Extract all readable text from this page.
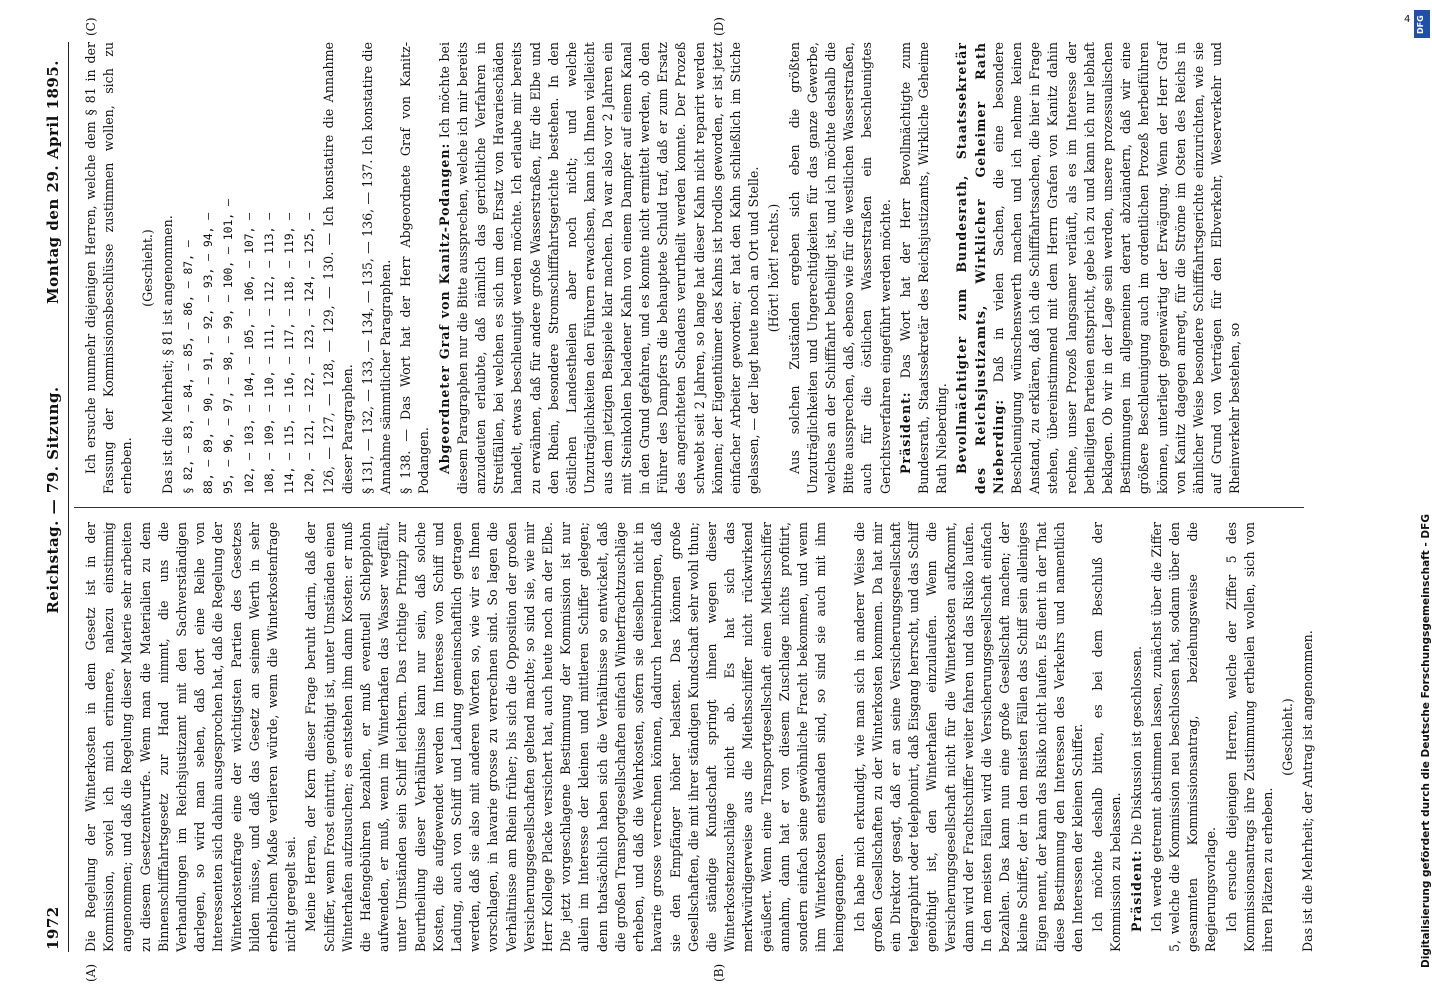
1972
Reichstag. — 79. Sitzung.
Montag den 29. April 1895.
(A)	(B)
(C)	(D)

Die Regelung der Winterkosten in dem Gesetz ist in der Kommission, soviel ich mich erinnere, nahezu einstimmig angenommen; und daß die Regelung dieser Materie sehr arbeiten zu diesem Gesetzentwurfe. Wenn man die Materialien zu dem Binnenschifffahrtsgesetz zur Hand nimmt, die uns die Verhandlungen im Reichsjustizamt mit den Sachverständigen darlegen, so wird man sehen, daß dort eine Reihe von Interessenten sich dahin ausgesprochen hat, daß die Regelung der Winterkostenfrage eine der wichtigsten Partien des Gesetzes bilden müsse, und daß das Gesetz an seinem Werth in sehr erheblichem Maße verlieren würde, wenn die Winterkostenfrage nicht geregelt sei. Meine Herren, der Kern dieser Frage beruht darin, daß der Schiffer, wenn Frost eintritt, genöthigt ist, unter Umständen einen Winterhafen aufzusuchen; es entstehen ihm dann Kosten: er muß die Hafengebühren bezahlen, er muß eventuell Schlepplohn aufwenden, er muß, wenn im Winterhafen das Wasser wegfällt, unter Umständen sein Schiff leichtern. Das richtige Prinzip zur Beurtheilung dieser Verhältnisse kann nur sein, daß solche Kosten, die aufgewendet werden im Interesse von Schiff und Ladung, auch von Schiff und Ladung gemeinschaftlich getragen werden, daß sie also mit anderen Worten so, wie wir es Ihnen vorschlagen, in havarie grosse zu verrechnen sind. So lagen die Verhältnisse am Rhein früher; bis sich die Opposition der großen Versicherungsgesellschaften geltend machte; so sind sie, wie mir Herr Kollege Placke versichert hat, auch heute noch an der Elbe. Die jetzt vorgeschlagene Bestimmung der Kommission ist nur allein im Interesse der kleinen und mittleren Schiffer gelegen; denn thatsächlich haben sich die Verhältnisse so entwickelt, daß die großen Transportgesellschaften einfach Winterfrachtzuschläge erheben, und daß die Wehrkosten, sofern sie dieselben nicht in havarie grosse verrechnen können, dadurch hereinbringen, daß sie den Empfänger höher belasten. Das können große Gesellschaften, die mit ihrer ständigen Kundschaft sehr wohl thun; die ständige Kundschaft springt ihnen wegen dieser Winterkostenzuschläge nicht ab. Es hat sich das merkwürdigerweise aus die Miethsschiffer nicht rückwirkend geäußert. Wenn eine Transportgesellschaft einen Miethsschiffer annahm, dann hat er von diesem Zuschlage nichts profitirt, sondern einfach seine gewöhnliche Fracht bekommen, und wenn ihm Winterkosten entstanden sind, so sind sie auch mit ihm heimgegangen. Ich habe mich erkundigt, wie man sich in anderer Weise die großen Gesellschaften zu der Winterkosten kommen. Da hat mir ein Direktor gesagt, daß er an seine Versicherungsgesellschaft telegraphirt oder telephonirt, daß Eisgang herrscht, und das Schiff genöthigt ist, den Winterhafen einzulaufen. Wenn die Versicherungsgesellschaft nicht für die Winterkosten aufkommt, dann wird der Frachtschiffer weiter fahren und das Risiko laufen. In den meisten Fällen wird die Versicherungsgesellschaft einfach bezahlen. Das kann nun eine große Gesellschaft machen; der kleine Schiffer, der in den meisten Fällen das Schiff sein alleiniges Eigen nennt, der kann das Risiko nicht laufen. Es dient in der That diese Bestimmung den Interessen des Verkehrs und namentlich den Interessen der kleinen Schiffer. Ich möchte deshalb bitten, es bei dem Beschluß der Kommission zu belassen. Präsident: Die Diskussion ist geschlossen. Ich werde getrennt abstimmen lassen, zunächst über die Ziffer 5, welche die Kommission neu beschlossen hat, sodann über den gesammten Kommissionsantrag, beziehungsweise die Regierungsvorlage. Ich ersuche diejenigen Herren, welche der Ziffer 5 des Kommissionsantrags ihre Zustimmung ertheilen wollen, sich von ihren Plätzen zu erheben.

(Geschieht.) Das ist die Mehrheit; der Antrag ist angenommen.

Ich ersuche nunmehr diejenigen Herren, welche dem § 81 in der Fassung der Kommissionsbeschlüsse zustimmen wollen, sich zu erheben.

(Geschieht.) Das ist die Mehrheit; § 81 ist angenommen. § 82, — 83, — 84, — 85, — 86, — 87, — 88, — 89, — 90, — 91, — 92, — 93, — 94, — 95, — 96, — 97, — 98, — 99, — 100, — 101, — 102, — 103, — 104, — 105, — 106, — 107, — 108, — 109, — 110, — 111, — 112, — 113, — 114, — 115, — 116, — 117, — 118, — 119, — 120, — 121, — 122, — 123, — 124, — 125, — 126, — 127, — 128, — 129, — 130. — Ich konstatire die Annahme dieser Paragraphen. § 131, — 132, — 133, — 134, — 135, — 136, — 137. Ich konstatire die Annahme sämmtlicher Paragraphen. § 138. — Das Wort hat der Herr Abgeordnete Graf von Kanitz-Podangen. Abgeordneter Graf von Kanitz-Podangen: Ich möchte bei diesem Paragraphen nur die Bitte aussprechen, welche ich mir bereits anzudeuten erlaubte, daß nämlich das gerichtliche Verfahren in Streitfällen, bei welchen es sich um den Ersatz von Havarieschäden handelt, etwas beschleunigt werden möchte. Ich erlaube mir bereits zu erwähnen, daß für andere große Wasserstraßen, für die Elbe und den Rhein, besondere Stromschifffahrtsgerichte bestehen. In den östlichen Landestheilen aber noch nicht; und welche Unzuträglichkeiten den Führern erwachsen, kann ich Ihnen vielleicht aus dem jetzigen Beispiele klar machen. Da war also vor 2 Jahren ein mit Steinkohlen beladener Kahn von einem Dampfer auf einem Kanal in den Grund gefahren, und es konnte nicht ermittelt werden, ob den Führer des Dampfers die behauptete Schuld traf, daß er zum Ersatz des angerichteten Schadens verurtheilt werden konnte. Der Prozeß schwebt seit 2 Jahren, so lange hat dieser Kahn nicht reparirt werden können; der Eigenthümer des Kahns ist brodlos geworden, er ist jetzt einfacher Arbeiter geworden; er hat den Kahn schließlich im Stiche gelassen, — der liegt heute noch an Ort und Stelle. (Hört! hört! rechts.) Aus solchen Zuständen ergeben sich eben die größten Unzuträglichkeiten und Ungerechtigkeiten für das ganze Gewerbe, welches an der Schifffahrt betheiligt ist, und ich möchte deshalb die Bitte aussprechen, daß, ebenso wie für die westlichen Wasserstraßen, auch für die östlichen Wasserstraßen ein beschleunigtes Gerichtsverfahren eingeführt werden möchte. Präsident: Das Wort hat der Herr Bevollmächtigte zum Bundesrath, Staatssekretär des Reichsjustizamts, Wirkliche Geheime Rath Nieberding. Bevollmächtigter zum Bundesrath, Staatssekretär des Reichsjustizamts, Wirklicher Geheimer Rath Nieberding: Daß in vielen Sachen, die eine besondere Beschleunigung wünschenswerth machen und ich nehme keinen Anstand, zu erklären, daß ich die Schifffahrtssachen, die hier in Frage stehen, übereinstimmend mit dem Herrn Grafen von Kanitz dahin rechne, unser Prozeß langsamer verläuft, als es im Interesse der betheiligten Parteien entspricht, gebe ich zu und kann ich nur lebhaft beklagen. Ob wir in der Lage sein werden, unsere prozessualischen Bestimmungen im allgemeinen derart abzuändern, daß wir eine größere Beschleunigung auch im ordentlichen Prozeß herbeiführen können, unterliegt gegenwärtig der Erwägung. Wenn der Herr Graf von Kanitz dagegen anregt, für die Ströme im Osten des Reichs in ähnlicher Weise besondere Schifffahrtsgerichte einzurichten, wie sie auf Grund von Verträgen für den Elbverkehr, Weserverkehr und Rheinverkehr bestehen, so

DFG
Digitalisierung gefördert durch die Deutsche Forschungsgemeinschaft - DFG
4
